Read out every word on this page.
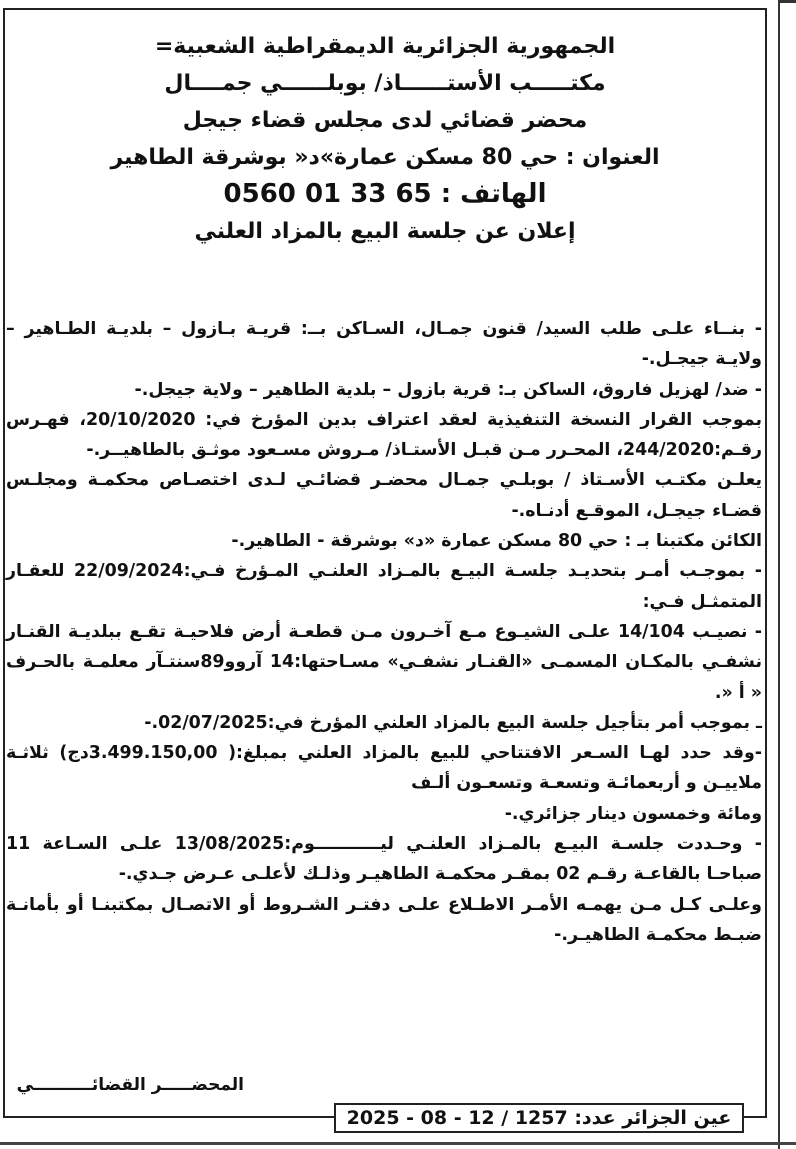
الجمهورية الجزائرية الديمقراطية الشعبية=
مكتـــــب الأستــــــاذ/ بوبلــــــي جمــــال
محضر قضائي لدى مجلس قضاء جيجل
العنوان : حي 80 مسكن عمارة»د« بوشرقة الطاهير
الهاتف : 65 33 01 0560
إعلان عن جلسة البيع بالمزاد العلني

- بنــاء علـى طلب السيد/ قنون جمـال، السـاكن بــ: قريـة بـازول – بلديـة الطـاهير – ولايـة جيجـل.-

- ضد/ لهزيل فاروق، الساكن بـ: قرية بازول – بلدية الطاهير – ولاية جيجل.-

بموجب القرار النسخة التنفيذية لعقد اعتراف بدين المؤرخ في: 20/10/2020، فهـرس رقـم:244/2020، المحـرر مـن قبـل الأستـاذ/ مـروش مسـعود موثـق بالطاهيــر.-

يعلـن مكتـب الأسـتاذ / بوبلـي جمـال محضـر قضائـي لـدى اختصـاص محكمـة ومجلـس قضـاء جيجـل، الموقـع أدنـاه.-

الكائن مكتبنا بـ : حي 80 مسكن عمارة «د» بوشرقة - الطاهير.-

- بموجـب أمـر بتحديـد جلسـة البيـع بالمـزاد العلنـي المـؤرخ فـي:22/09/2024 للعقـار المتمثـل فـي:

- نصيـب 14/104 علـى الشيـوع مـع آخـرون مـن قطعـة أرض فلاحيـة تقـع ببلديـة القنـار نشفـي بالمكـان المسمـى «القنـار نشفـي» مسـاحتها:14 آروو89سنتـآر معلمـة بالحـرف « أ «.

ـ بموجب أمر بتأجيل جلسة البيع بالمزاد العلني المؤرخ في:02/07/2025.-

-وقد حدد لهـا السـعر الافتتاحي للبيع بالمزاد العلني بمبلغ:( 3.499.150,00دج) ثلاثـة ملاييـن و أربعمائـة وتسعـة وتسعـون ألـف

ومائة وخمسون دينار جزائري.-

- وحـددت جلسـة البيـع بالمـزاد العلنـي ليـــــــــــوم:13/08/2025 علـى السـاعة 11 صباحـا بالقاعـة رقـم 02 بمقـر محكمـة الطاهيـر وذلـك لأعلـى عـرض جـدي.-

وعلـى كـل مـن يهمـه الأمـر الاطـلاع علـى دفتـر الشـروط أو الاتصـال بمكتبنـا أو بأمانـة ضبـط محكمـة الطاهيـر.-

المحضـــــر القضائــــــــــي
عين الجزائر عدد: 2025 - 08 - 12 / 1257
